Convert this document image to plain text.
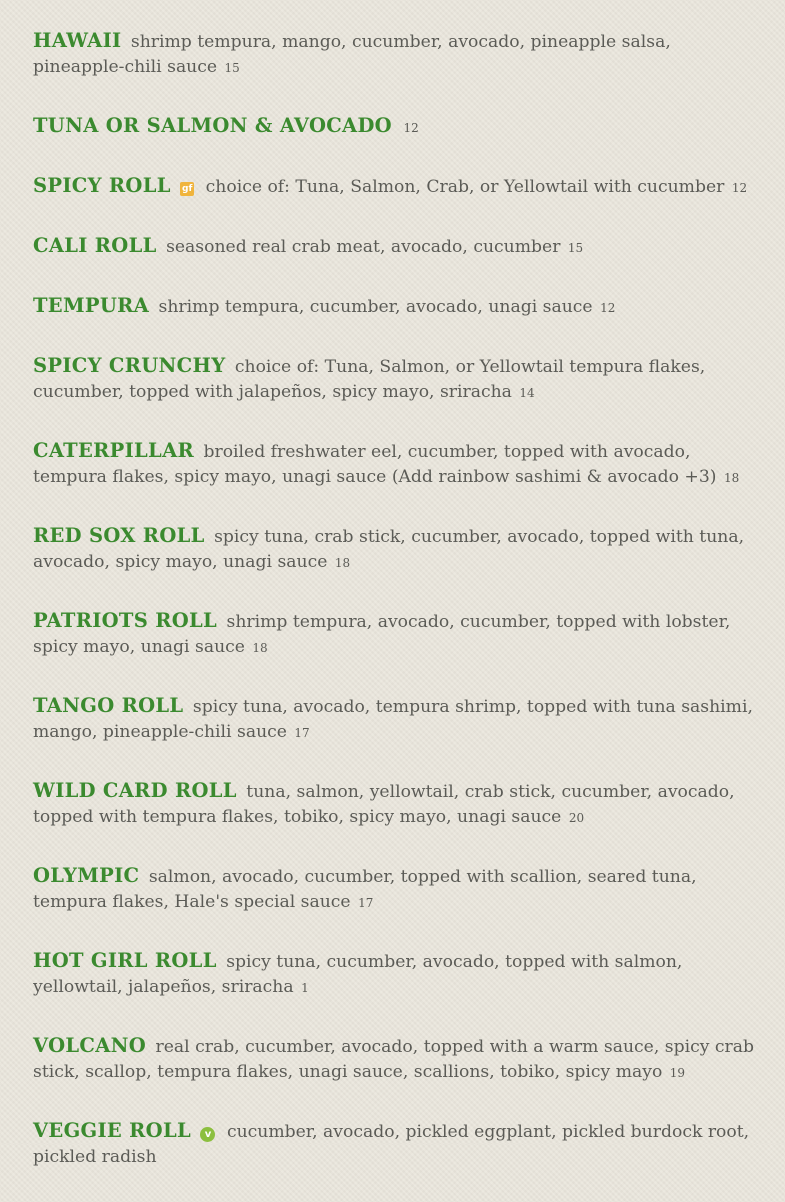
HAWAII shrimp tempura, mango, cucumber, avocado, pineapple salsa, pineapple-chili sauce 15
TUNA OR SALMON & AVOCADO 12
SPICY ROLL gf choice of: Tuna, Salmon, Crab, or Yellowtail with cucumber 12
CALI ROLL seasoned real crab meat, avocado, cucumber 15
TEMPURA shrimp tempura, cucumber, avocado, unagi sauce 12
SPICY CRUNCHY choice of: Tuna, Salmon, or Yellowtail tempura flakes, cucumber, topped with jalapeños, spicy mayo, sriracha 14
CATERPILLAR broiled freshwater eel, cucumber, topped with avocado, tempura flakes, spicy mayo, unagi sauce (Add rainbow sashimi & avocado +3) 18
RED SOX ROLL spicy tuna, crab stick, cucumber, avocado, topped with tuna, avocado, spicy mayo, unagi sauce 18
PATRIOTS ROLL shrimp tempura, avocado, cucumber, topped with lobster, spicy mayo, unagi sauce 18
TANGO ROLL spicy tuna, avocado, tempura shrimp, topped with tuna sashimi, mango, pineapple-chili sauce 17
WILD CARD ROLL tuna, salmon, yellowtail, crab stick, cucumber, avocado, topped with tempura flakes, tobiko, spicy mayo, unagi sauce 20
OLYMPIC salmon, avocado, cucumber, topped with scallion, seared tuna, tempura flakes, Hale's special sauce 17
HOT GIRL ROLL spicy tuna, cucumber, avocado, topped with salmon, yellowtail, jalapeños, sriracha 1
VOLCANO real crab, cucumber, avocado, topped with a warm sauce, spicy crab stick, scallop, tempura flakes, unagi sauce, scallions, tobiko, spicy mayo 19
VEGGIE ROLL v cucumber, avocado, pickled eggplant, pickled burdock root, pickled radish
